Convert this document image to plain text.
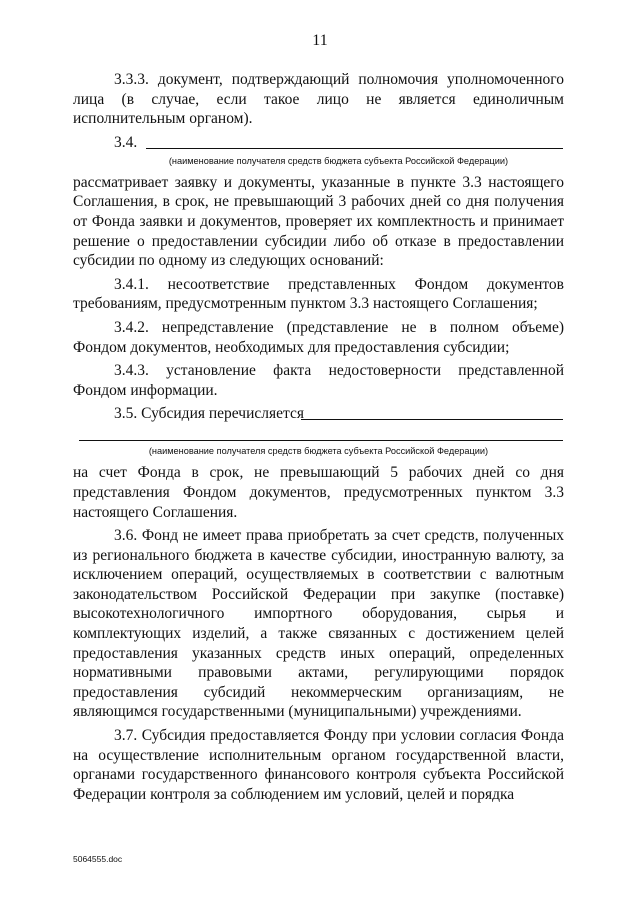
11

3.3.3. документ, подтверждающий полномочия уполномоченного лица (в случае, если такое лицо не является единоличным исполнительным органом).

3.4.

(наименование получателя средств бюджета субъекта Российской Федерации)

рассматривает заявку и документы, указанные в пункте 3.3 настоящего Соглашения, в срок, не превышающий 3 рабочих дней со дня получения от Фонда заявки и документов, проверяет их комплектность и принимает решение о предоставлении субсидии либо об отказе в предоставлении субсидии по одному из следующих оснований:

3.4.1. несоответствие представленных Фондом документов требованиям, предусмотренным пунктом 3.3 настоящего Соглашения;

3.4.2. непредставление (представление не в полном объеме) Фондом документов, необходимых для предоставления субсидии;

3.4.3. установление факта недостоверности представленной Фондом информации.

3.5. Субсидия перечисляется

(наименование получателя средств бюджета субъекта Российской Федерации)

на счет Фонда в срок, не превышающий 5 рабочих дней со дня представления Фондом документов, предусмотренных пунктом 3.3 настоящего Соглашения.

3.6. Фонд не имеет права приобретать за счет средств, полученных из регионального бюджета в качестве субсидии, иностранную валюту, за исключением операций, осуществляемых в соответствии с валютным законодательством Российской Федерации при закупке (поставке) высокотехнологичного импортного оборудования, сырья и комплектующих изделий, а также связанных с достижением целей предоставления указанных средств иных операций, определенных нормативными правовыми актами, регулирующими порядок предоставления субсидий некоммерческим организациям, не являющимся государственными (муниципальными) учреждениями.

3.7. Субсидия предоставляется Фонду при условии согласия Фонда на осуществление исполнительным органом государственной власти, органами государственного финансового контроля субъекта Российской Федерации контроля за соблюдением им условий, целей и порядка

5064555.doc
